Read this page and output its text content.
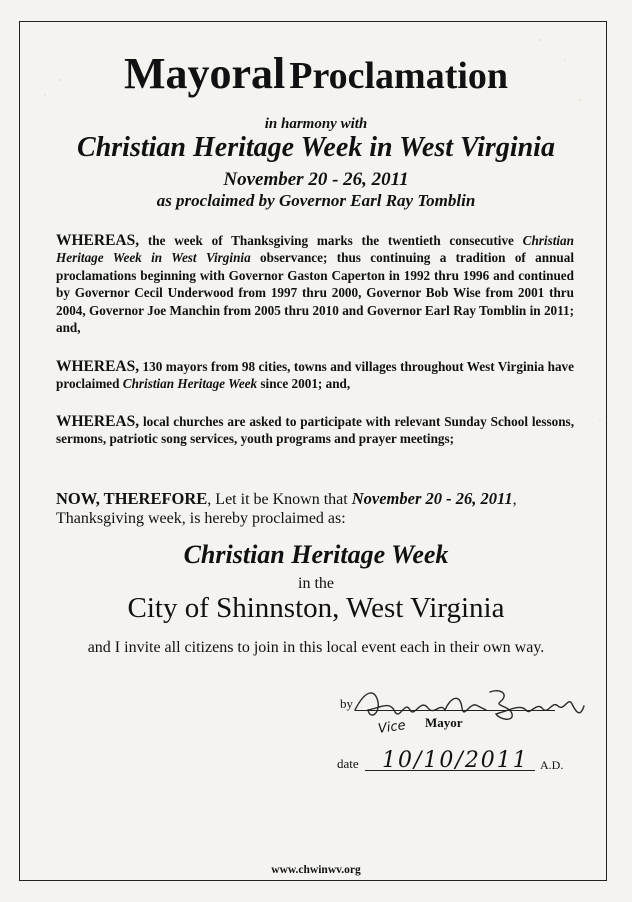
Mayoral Proclamation
in harmony with
Christian Heritage Week in West Virginia
November 20 - 26, 2011
as proclaimed by Governor Earl Ray Tomblin
WHEREAS, the week of Thanksgiving marks the twentieth consecutive Christian Heritage Week in West Virginia observance; thus continuing a tradition of annual proclamations beginning with Governor Gaston Caperton in 1992 thru 1996 and continued by Governor Cecil Underwood from 1997 thru 2000, Governor Bob Wise from 2001 thru 2004, Governor Joe Manchin from 2005 thru 2010 and Governor Earl Ray Tomblin in 2011; and,
WHEREAS, 130 mayors from 98 cities, towns and villages throughout West Virginia have proclaimed Christian Heritage Week since 2001; and,
WHEREAS, local churches are asked to participate with relevant Sunday School lessons, sermons, patriotic song services, youth programs and prayer meetings;
NOW, THEREFORE, Let it be Known that November 20 - 26, 2011, Thanksgiving week, is hereby proclaimed as:
Christian Heritage Week
in the
City of Shinnston, West Virginia
and I invite all citizens to join in this local event each in their own way.
by
Vice Mayor
date 10/10/2011 A.D.
www.chwinwv.org
